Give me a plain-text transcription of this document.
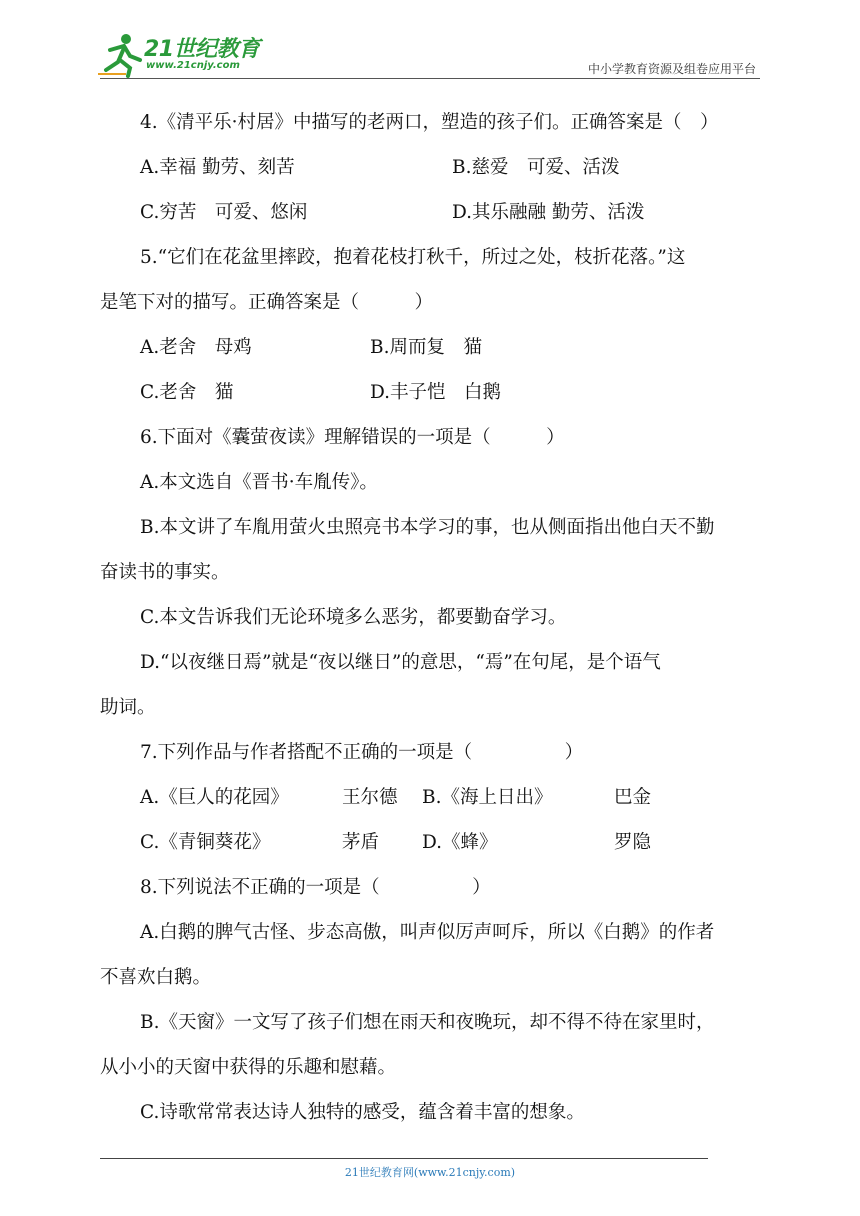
21世纪教育
www.21cnjy.com	中小学教育资源及组卷应用平台
4.《清平乐·村居》中描写的老两口，塑造的孩子们。正确答案是（　）
A.幸福 勤劳、刻苦	B.慈爱　可爱、活泼
C.穷苦　可爱、悠闲	D.其乐融融 勤劳、活泼
5.“它们在花盆里摔跤，抱着花枝打秋千，所过之处，枝折花落。”这
是笔下对的描写。正确答案是（　　　）
A.老舍　母鸡	B.周而复　猫
C.老舍　猫	D.丰子恺　白鹅
6.下面对《囊萤夜读》理解错误的一项是（　　　）
A.本文选自《晋书·车胤传》。
B.本文讲了车胤用萤火虫照亮书本学习的事，也从侧面指出他白天不勤
奋读书的事实。
C.本文告诉我们无论环境多么恶劣，都要勤奋学习。
D.“以夜继日焉”就是“夜以继日”的意思，“焉”在句尾，是个语气
助词。
7.下列作品与作者搭配不正确的一项是（　　　　　）
A.《巨人的花园》	王尔德 B.《海上日出》	巴金
C.《青铜葵花》	茅盾 D.《蜂》	罗隐
8.下列说法不正确的一项是（　　　　　）
A.白鹅的脾气古怪、步态高傲，叫声似厉声呵斥，所以《白鹅》的作者
不喜欢白鹅。
B.《天窗》一文写了孩子们想在雨天和夜晚玩，却不得不待在家里时，
从小小的天窗中获得的乐趣和慰藉。
C.诗歌常常表达诗人独特的感受，蕴含着丰富的想象。
21世纪教育网(www.21cnjy.com)
